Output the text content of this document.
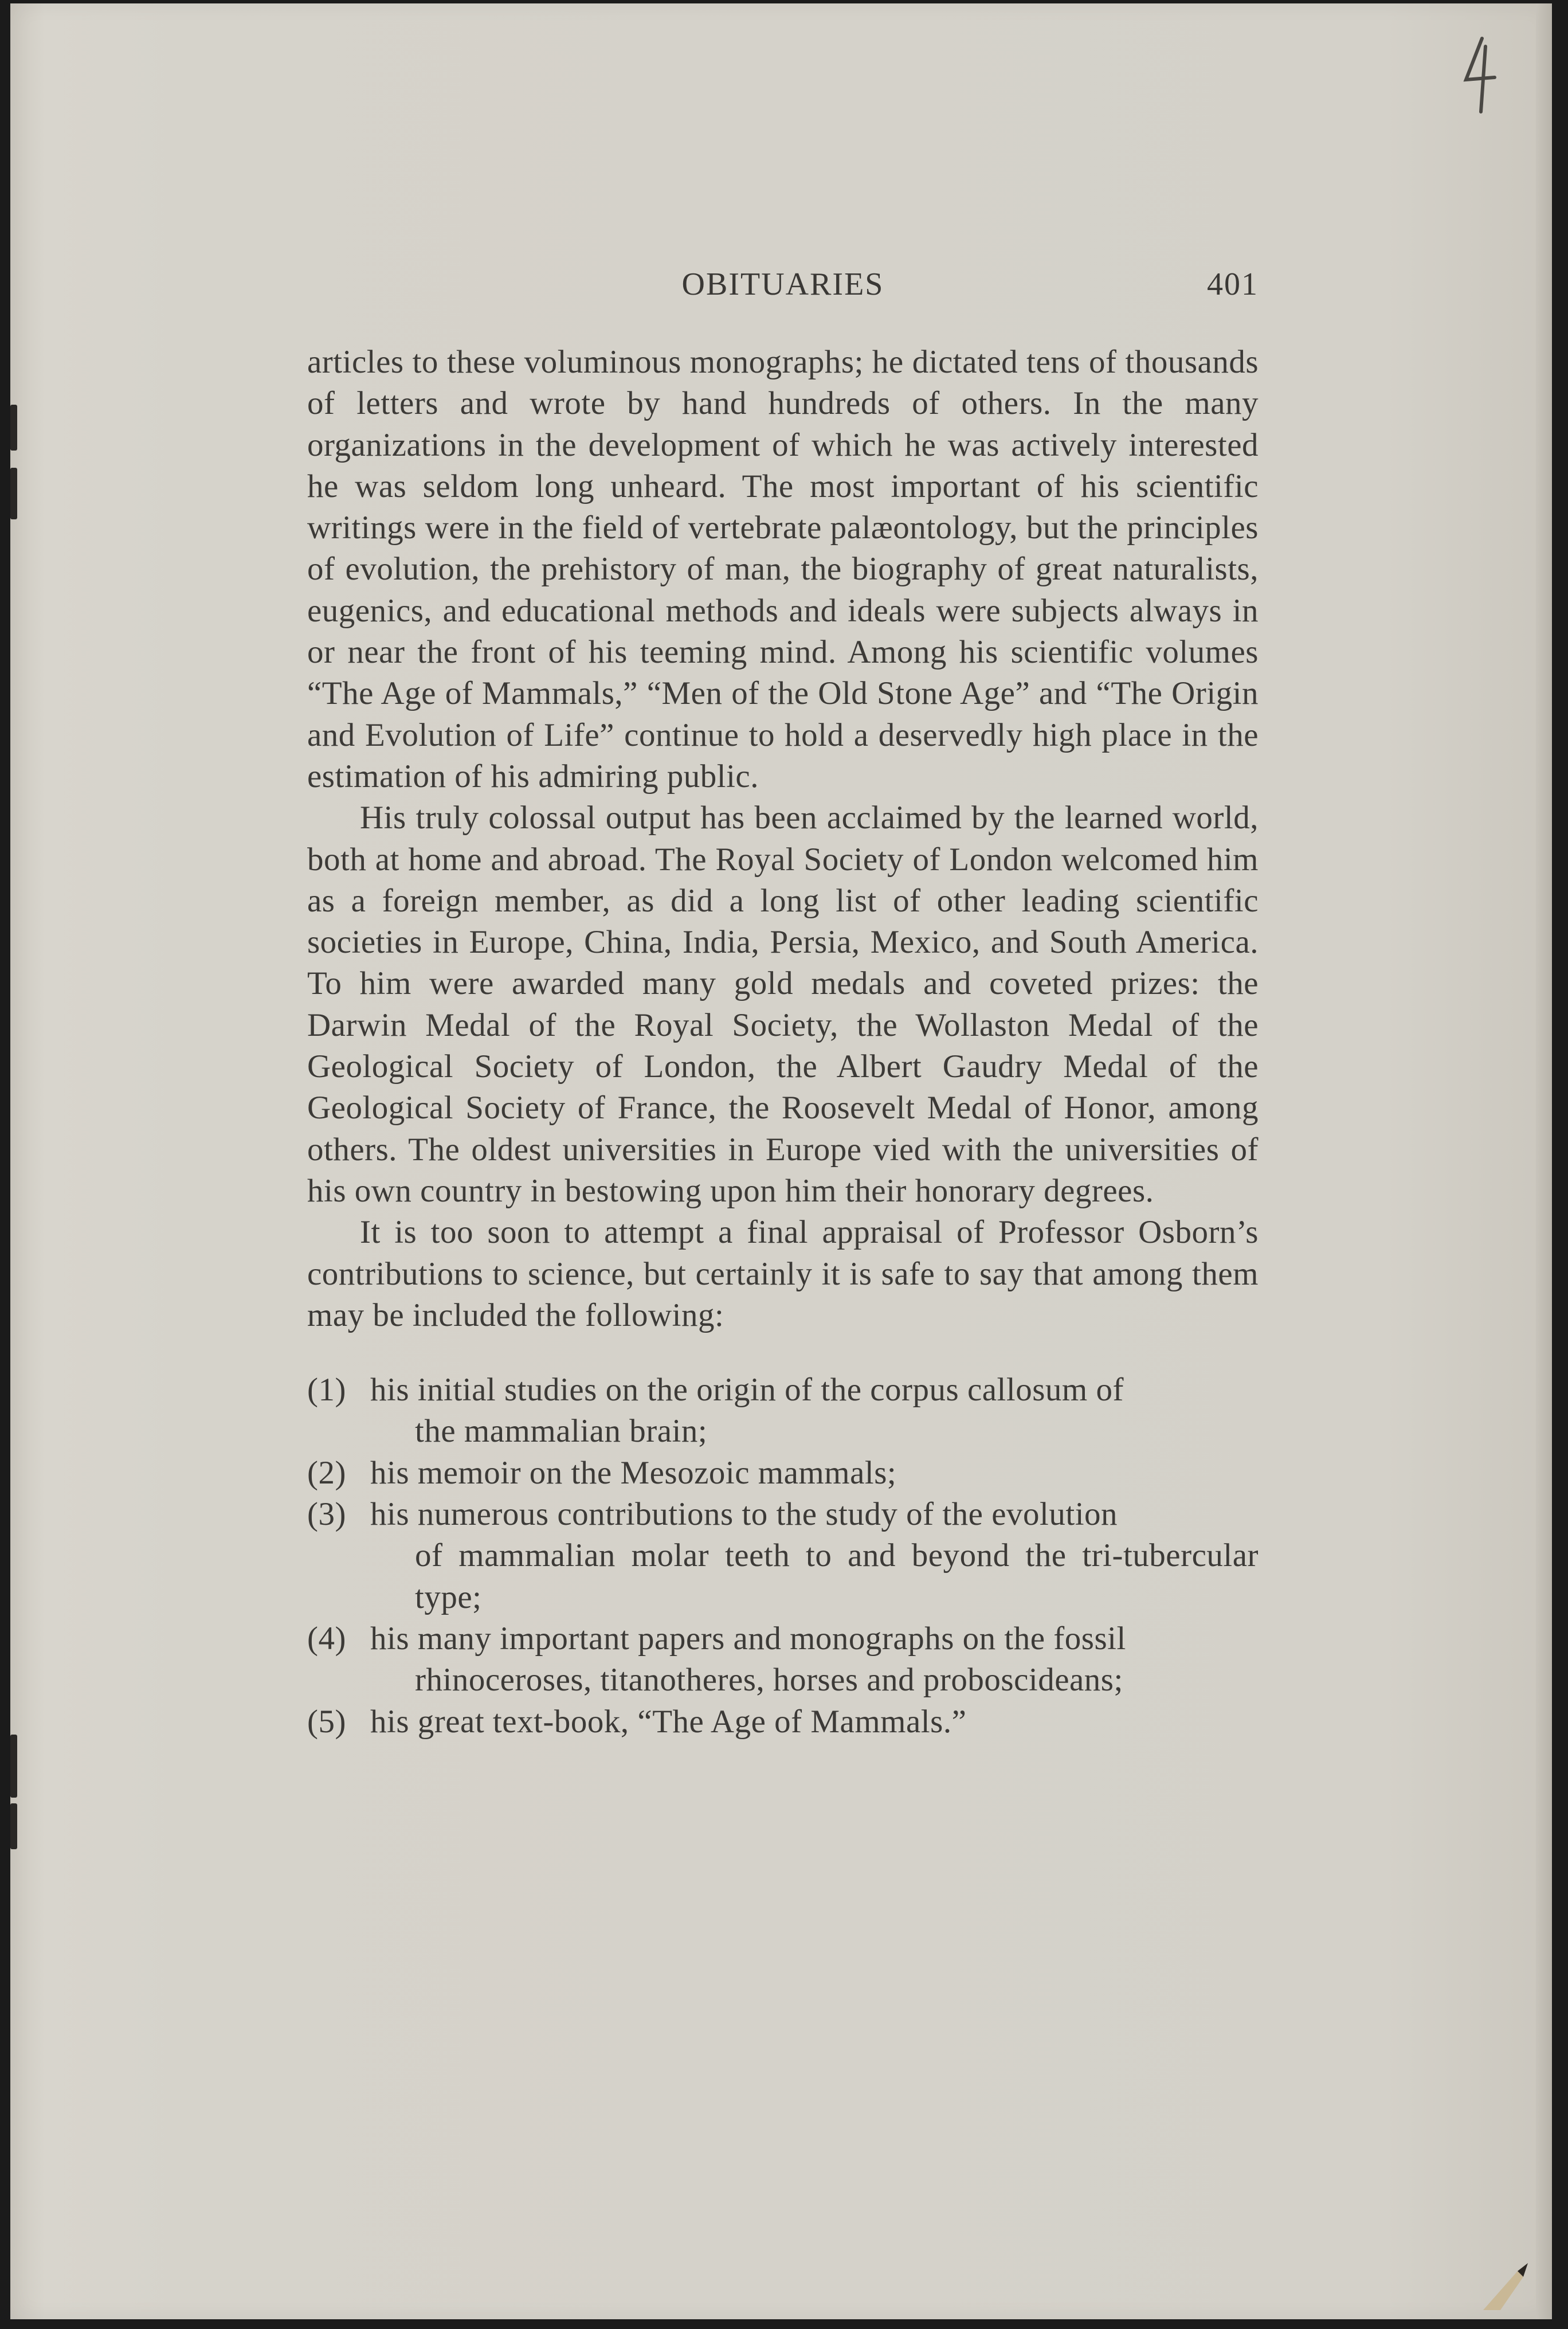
OBITUARIES	401

articles to these voluminous monographs; he dictated tens of thousands of letters and wrote by hand hundreds of others. In the many organizations in the development of which he was actively interested he was seldom long unheard. The most important of his scientific writings were in the field of vertebrate palæontology, but the principles of evolution, the prehistory of man, the biography of great naturalists, eugenics, and educational methods and ideals were subjects always in or near the front of his teeming mind. Among his scientific volumes “The Age of Mammals,” “Men of the Old Stone Age” and “The Origin and Evolution of Life” continue to hold a deservedly high place in the estimation of his admiring public.

His truly colossal output has been acclaimed by the learned world, both at home and abroad. The Royal Society of London welcomed him as a foreign member, as did a long list of other leading scientific societies in Europe, China, India, Persia, Mexico, and South America. To him were awarded many gold medals and coveted prizes: the Darwin Medal of the Royal Society, the Wollaston Medal of the Geological Society of London, the Albert Gaudry Medal of the Geological Society of France, the Roosevelt Medal of Honor, among others. The oldest universities in Europe vied with the universities of his own country in bestowing upon him their honorary degrees.

It is too soon to attempt a final appraisal of Professor Osborn’s contributions to science, but certainly it is safe to say that among them may be included the following:

(1) his initial studies on the origin of the corpus callosum of
the mammalian brain;
(2) his memoir on the Mesozoic mammals;
(3) his numerous contributions to the study of the evolution
of mammalian molar teeth to and beyond the tri-tubercular type;
(4) his many important papers and monographs on the fossil
rhinoceroses, titanotheres, horses and proboscideans;
(5) his great text-book, “The Age of Mammals.”
